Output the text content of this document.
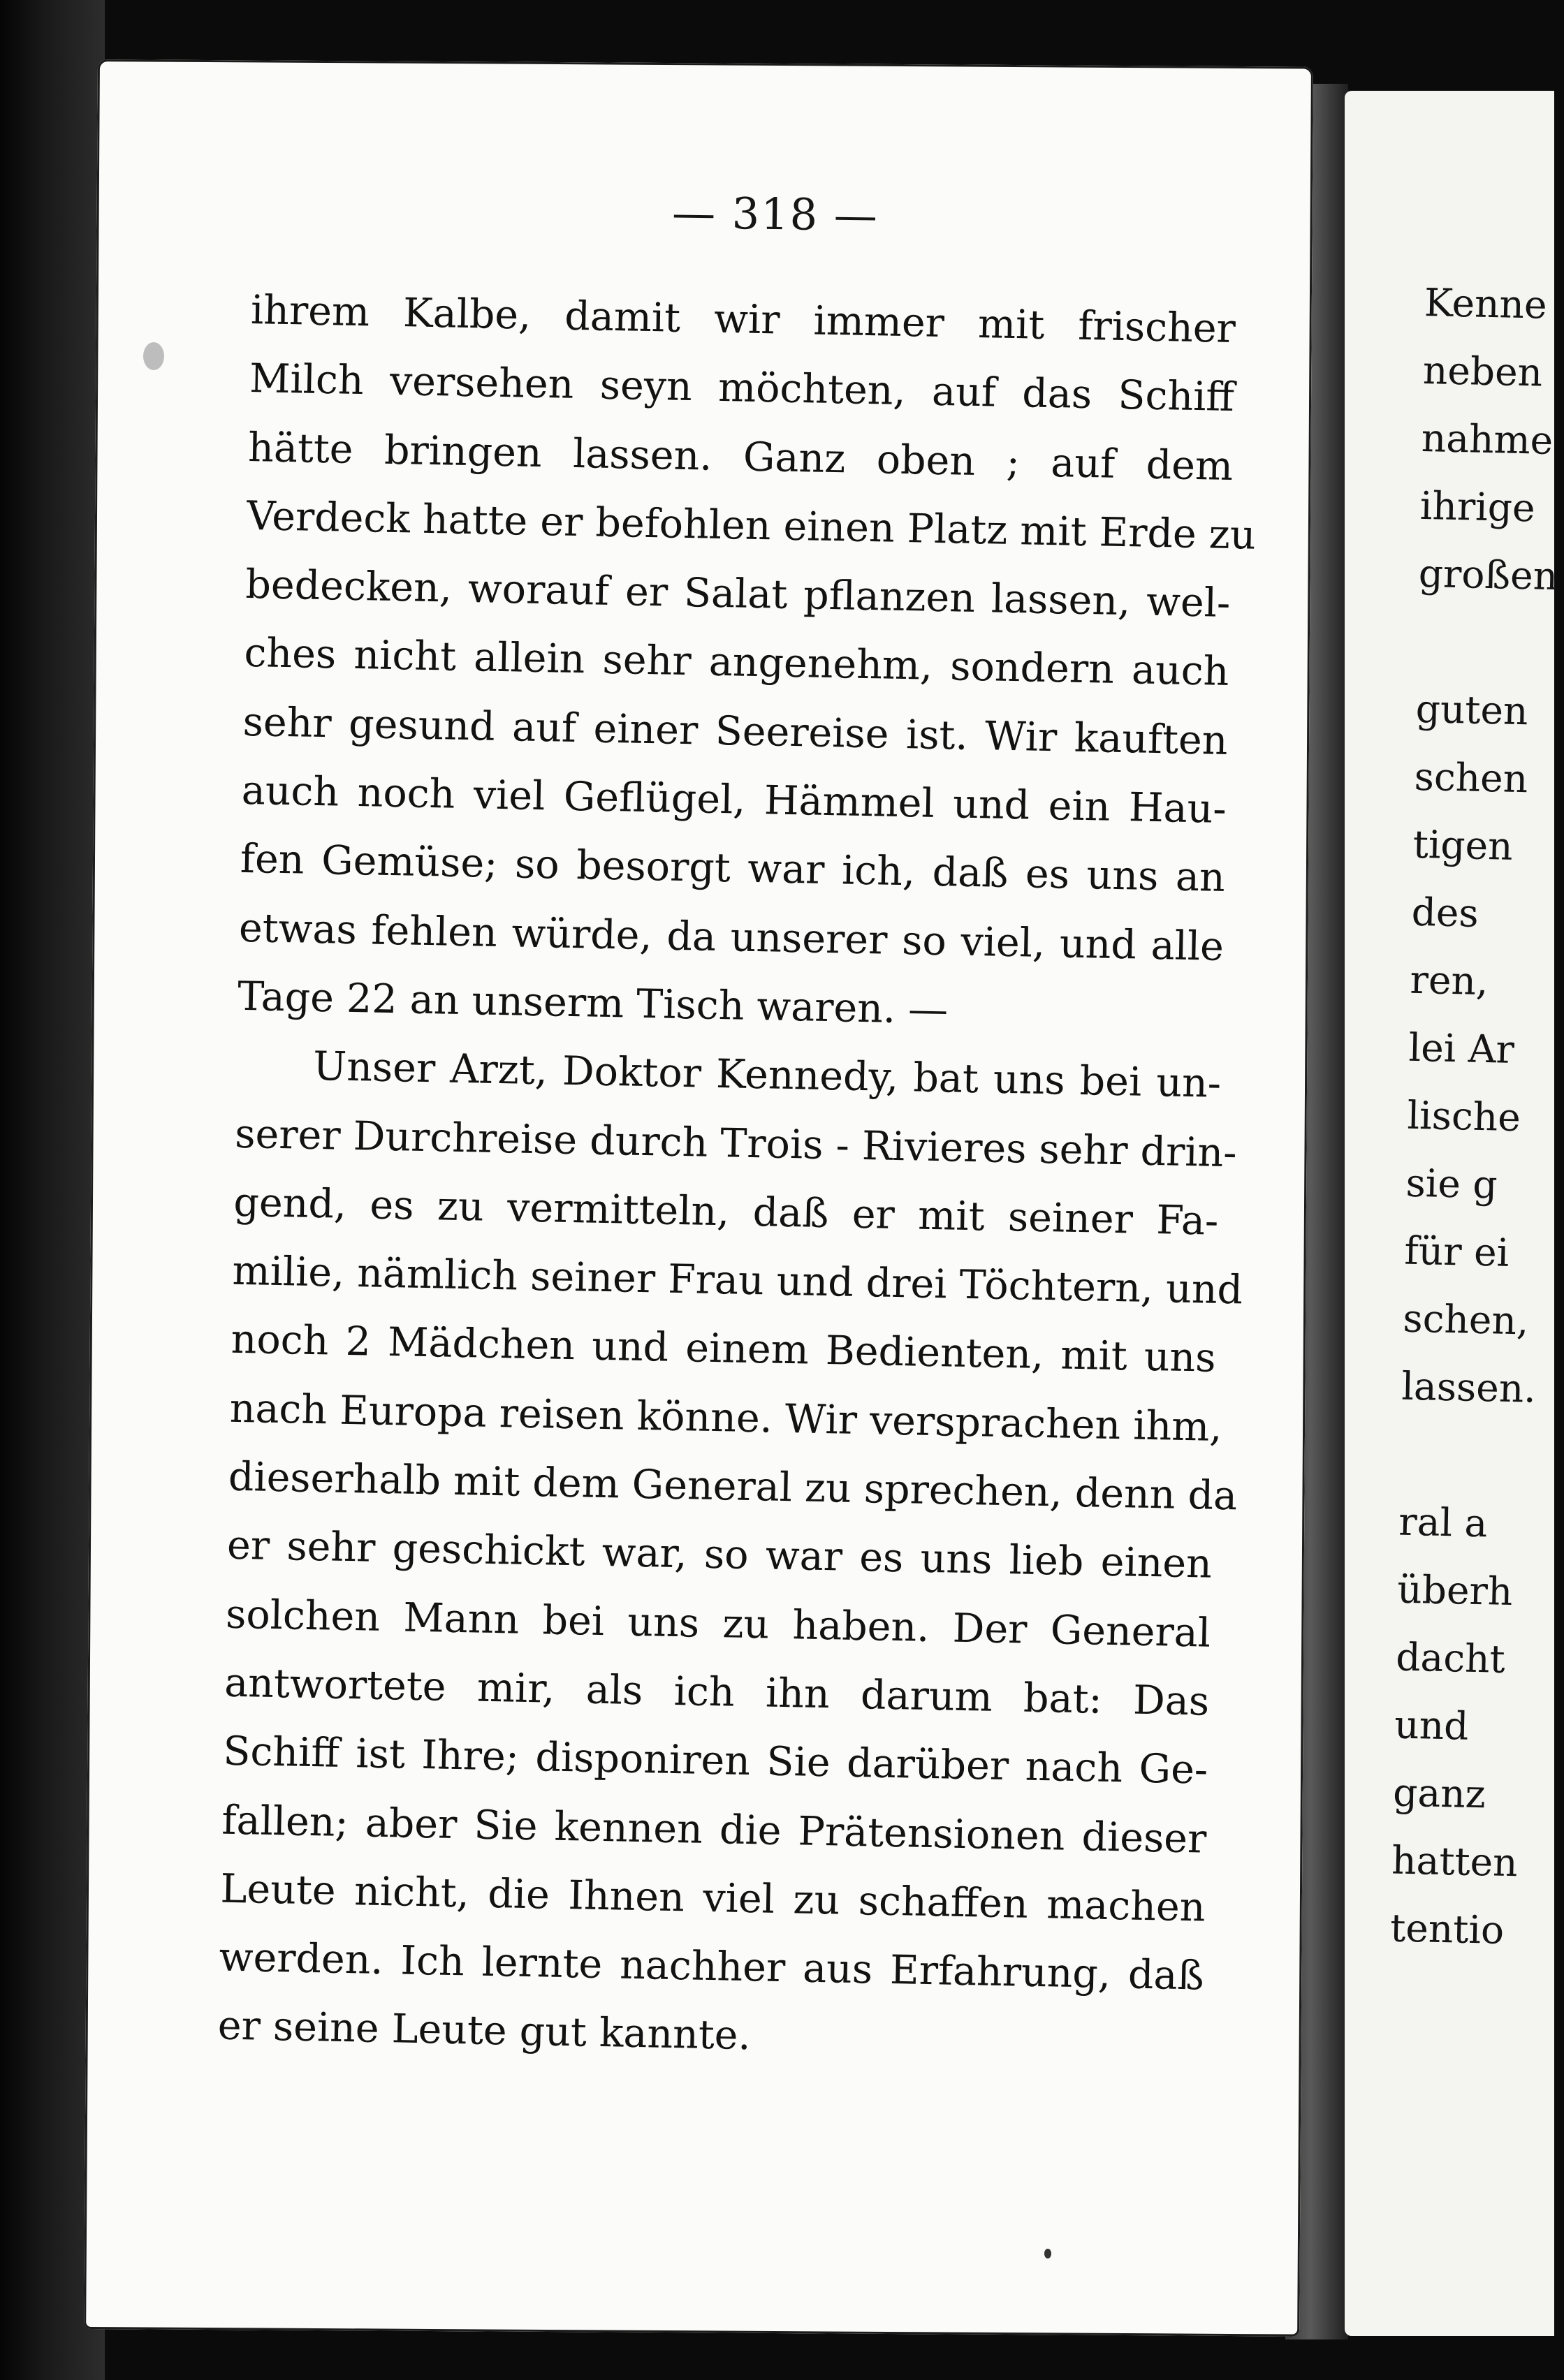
— 318 —
ihrem Kalbe, damit wir immer mit frischer
Milch versehen seyn möchten, auf das Schiff
hätte bringen lassen. Ganz oben ; auf dem
Verdeck hatte er befohlen einen Platz mit Erde zu
bedecken, worauf er Salat pflanzen lassen, wel-
ches nicht allein sehr angenehm, sondern auch
sehr gesund auf einer Seereise ist. Wir kauften
auch noch viel Geflügel, Hämmel und ein Hau-
fen Gemüse; so besorgt war ich, daß es uns an
etwas fehlen würde, da unserer so viel, und alle
Tage 22 an unserm Tisch waren. —
Unser Arzt, Doktor Kennedy, bat uns bei un-
serer Durchreise durch Trois - Rivieres sehr drin-
gend, es zu vermitteln, daß er mit seiner Fa-
milie, nämlich seiner Frau und drei Töchtern, und
noch 2 Mädchen und einem Bedienten, mit uns
nach Europa reisen könne. Wir versprachen ihm,
dieserhalb mit dem General zu sprechen, denn da
er sehr geschickt war, so war es uns lieb einen
solchen Mann bei uns zu haben. Der General
antwortete mir, als ich ihn darum bat: Das
Schiff ist Ihre; disponiren Sie darüber nach Ge-
fallen; aber Sie kennen die Prätensionen dieser
Leute nicht, die Ihnen viel zu schaffen machen
werden. Ich lernte nachher aus Erfahrung, daß
er seine Leute gut kannte.
Kenne
neben
nahme
ihrige
großen
guten
schen
tigen
des
ren,
lei Ar
lische
sie g
für ei
schen,
lassen.
ral a
überh
dacht
und
ganz
hatten
tentio
